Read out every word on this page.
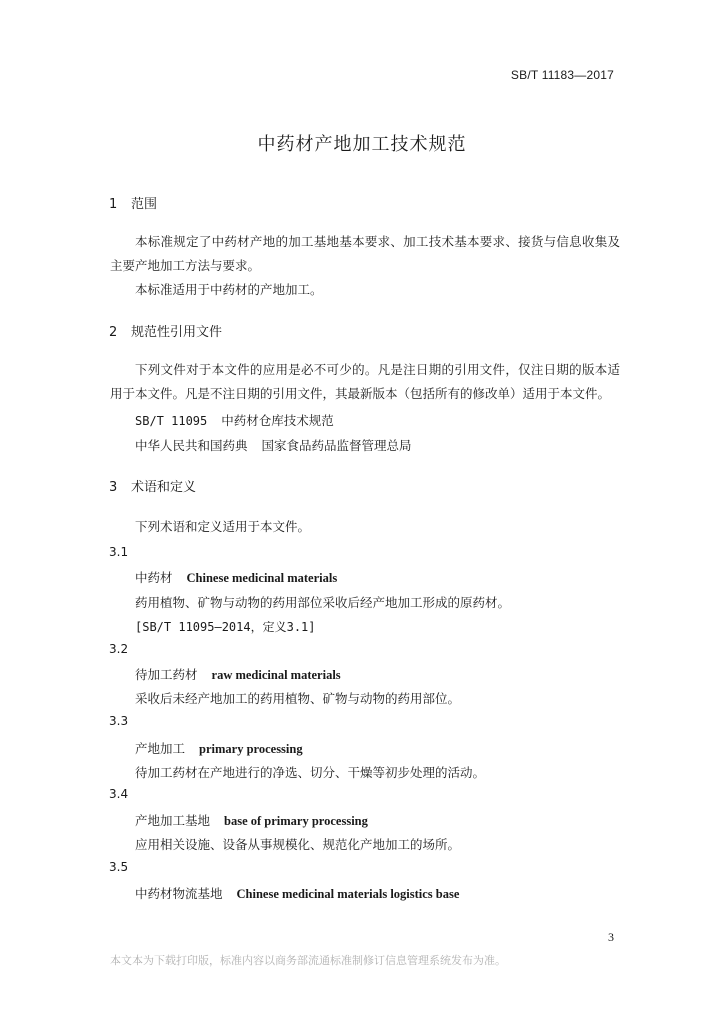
SB/T 11183—2017
中药材产地加工技术规范
1 范围

本标准规定了中药材产地的加工基地基本要求、加工技术基本要求、接货与信息收集及主要产地加工方法与要求。

本标准适用于中药材的产地加工。

2 规范性引用文件

下列文件对于本文件的应用是必不可少的。凡是注日期的引用文件，仅注日期的版本适用于本文件。凡是不注日期的引用文件，其最新版本（包括所有的修改单）适用于本文件。

SB/T 11095 中药材仓库技术规范
中华人民共和国药典 国家食品药品监督管理总局
3 术语和定义
下列术语和定义适用于本文件。
3.1
中药材 Chinese medicinal materials
药用植物、矿物与动物的药用部位采收后经产地加工形成的原药材。
[SB/T 11095—2014，定义3.1]
3.2
待加工药材 raw medicinal materials
采收后未经产地加工的药用植物、矿物与动物的药用部位。
3.3
产地加工 primary processing
待加工药材在产地进行的净选、切分、干燥等初步处理的活动。
3.4
产地加工基地 base of primary processing
应用相关设施、设备从事规模化、规范化产地加工的场所。
3.5
中药材物流基地 Chinese medicinal materials logistics base
3
本文本为下载打印版，标准内容以商务部流通标准制修订信息管理系统发布为准。
